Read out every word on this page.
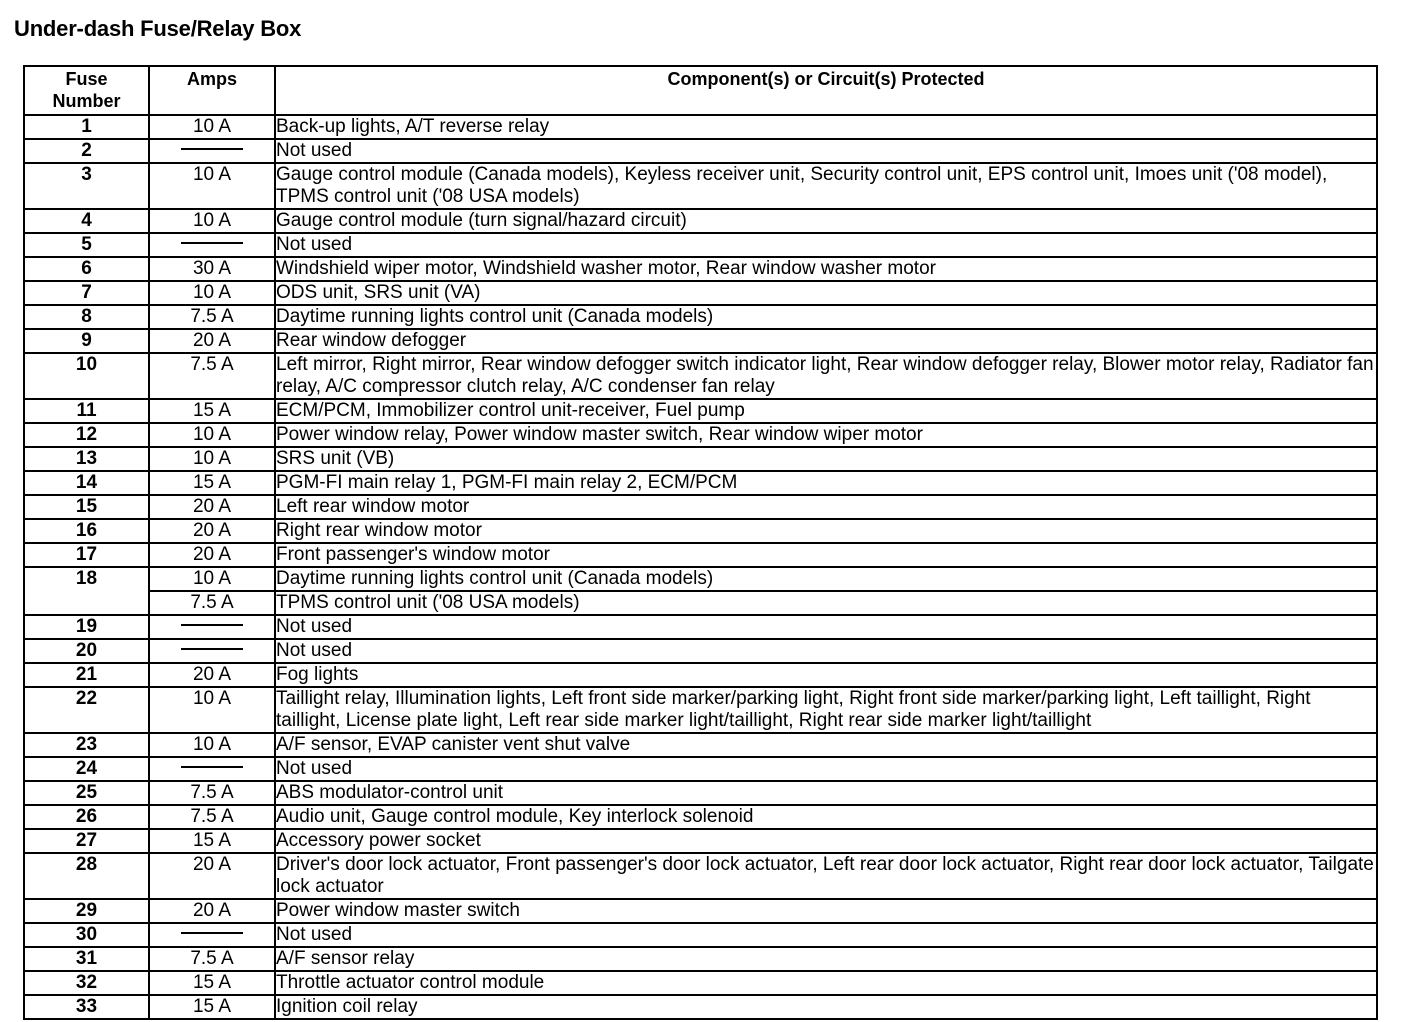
Under-dash Fuse/Relay Box
Fuse Number	Amps	Component(s) or Circuit(s) Protected
1	10 A	Back-up lights, A/T reverse relay
2		Not used
3	10 A	Gauge control module (Canada models), Keyless receiver unit, Security control unit, EPS control unit, Imoes unit ('08 model), TPMS control unit ('08 USA models)
4	10 A	Gauge control module (turn signal/hazard circuit)
5		Not used
6	30 A	Windshield wiper motor, Windshield washer motor, Rear window washer motor
7	10 A	ODS unit, SRS unit (VA)
8	7.5 A	Daytime running lights control unit (Canada models)
9	20 A	Rear window defogger
10	7.5 A	Left mirror, Right mirror, Rear window defogger switch indicator light, Rear window defogger relay, Blower motor relay, Radiator fan relay, A/C compressor clutch relay, A/C condenser fan relay
11	15 A	ECM/PCM, Immobilizer control unit-receiver, Fuel pump
12	10 A	Power window relay, Power window master switch, Rear window wiper motor
13	10 A	SRS unit (VB)
14	15 A	PGM-FI main relay 1, PGM-FI main relay 2, ECM/PCM
15	20 A	Left rear window motor
16	20 A	Right rear window motor
17	20 A	Front passenger's window motor
18	10 A	Daytime running lights control unit (Canada models)
	7.5 A	TPMS control unit ('08 USA models)
19		Not used
20		Not used
21	20 A	Fog lights
22	10 A	Taillight relay, Illumination lights, Left front side marker/parking light, Right front side marker/parking light, Left taillight, Right taillight, License plate light, Left rear side marker light/taillight, Right rear side marker light/taillight
23	10 A	A/F sensor, EVAP canister vent shut valve
24		Not used
25	7.5 A	ABS modulator-control unit
26	7.5 A	Audio unit, Gauge control module, Key interlock solenoid
27	15 A	Accessory power socket
28	20 A	Driver's door lock actuator, Front passenger's door lock actuator, Left rear door lock actuator, Right rear door lock actuator, Tailgate lock actuator
29	20 A	Power window master switch
30		Not used
31	7.5 A	A/F sensor relay
32	15 A	Throttle actuator control module
33	15 A	Ignition coil relay
